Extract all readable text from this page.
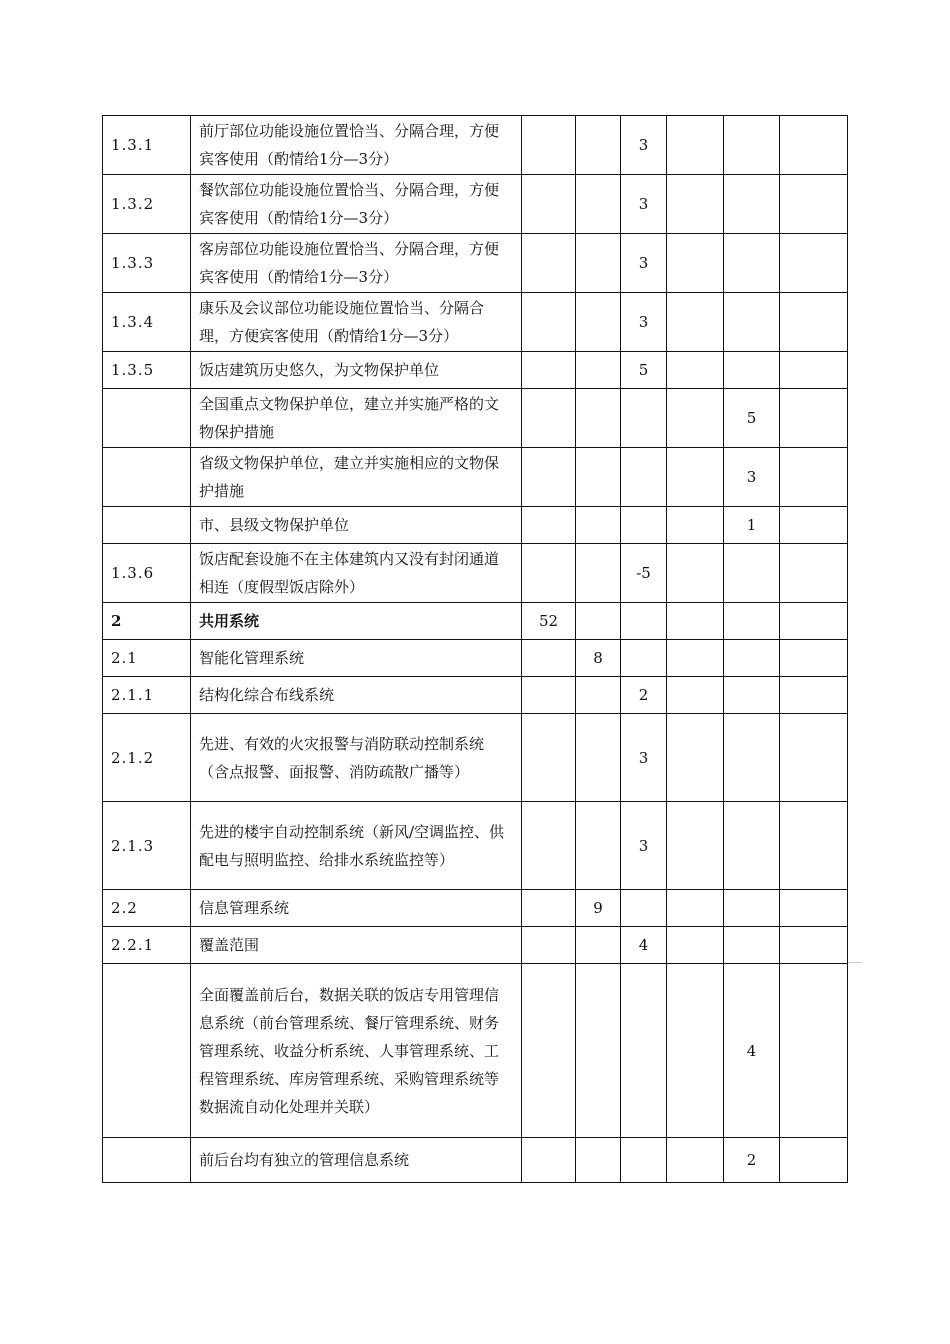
1.3.1	前厅部位功能设施位置恰当、分隔合理，方便宾客使用（酌情给1分—3分）			3			
1.3.2	餐饮部位功能设施位置恰当、分隔合理，方便宾客使用（酌情给1分—3分）			3			
1.3.3	客房部位功能设施位置恰当、分隔合理，方便宾客使用（酌情给1分—3分）			3			
1.3.4	康乐及会议部位功能设施位置恰当、分隔合理，方便宾客使用（酌情给1分—3分）			3			
1.3.5	饭店建筑历史悠久，为文物保护单位			5			
	全国重点文物保护单位，建立并实施严格的文物保护措施					5	
	省级文物保护单位，建立并实施相应的文物保护措施					3	
	市、县级文物保护单位					1	
1.3.6	饭店配套设施不在主体建筑内又没有封闭通道相连（度假型饭店除外）			-5			
2	共用系统	52					
2.1	智能化管理系统		8				
2.1.1	结构化综合布线系统			2			
2.1.2	先进、有效的火灾报警与消防联动控制系统（含点报警、面报警、消防疏散广播等）			3			
2.1.3	先进的楼宇自动控制系统（新风/空调监控、供配电与照明监控、给排水系统监控等）			3			
2.2	信息管理系统		9				
2.2.1	覆盖范围			4			
	全面覆盖前后台，数据关联的饭店专用管理信息系统（前台管理系统、餐厅管理系统、财务管理系统、收益分析系统、人事管理系统、工程管理系统、库房管理系统、采购管理系统等数据流自动化处理并关联）					4	
	前后台均有独立的管理信息系统					2	
